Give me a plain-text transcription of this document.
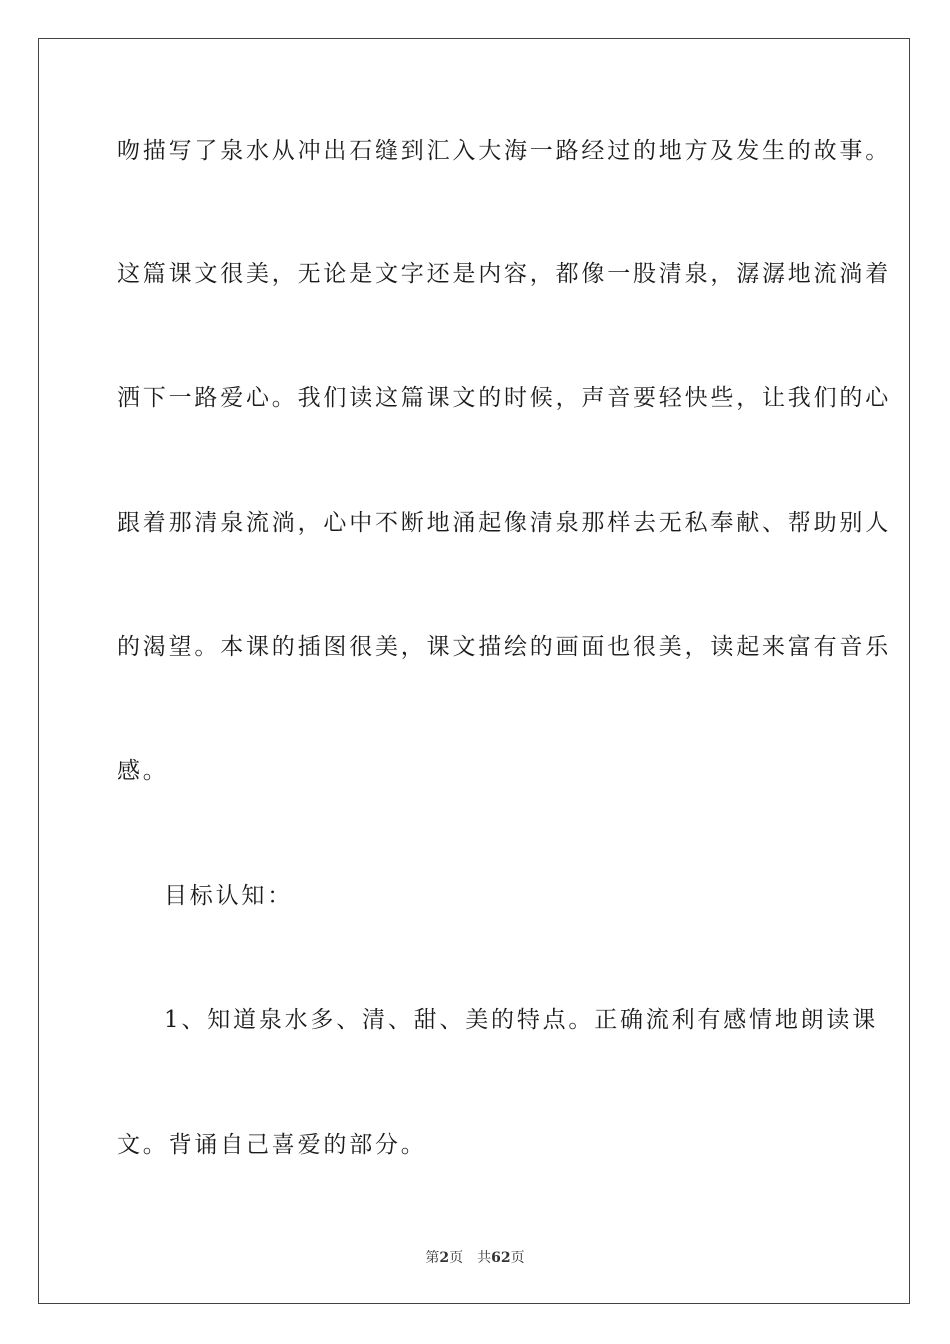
吻描写了泉水从冲出石缝到汇入大海一路经过的地方及发生的故事。
这篇课文很美，无论是文字还是内容，都像一股清泉，潺潺地流淌着
洒下一路爱心。我们读这篇课文的时候，声音要轻快些，让我们的心
跟着那清泉流淌，心中不断地涌起像清泉那样去无私奉献、帮助别人
的渴望。本课的插图很美，课文描绘的画面也很美，读起来富有音乐
感。
目标认知：
1、知道泉水多、清、甜、美的特点。正确流利有感情地朗读课
文。背诵自己喜爱的部分。
第2页 共62页
